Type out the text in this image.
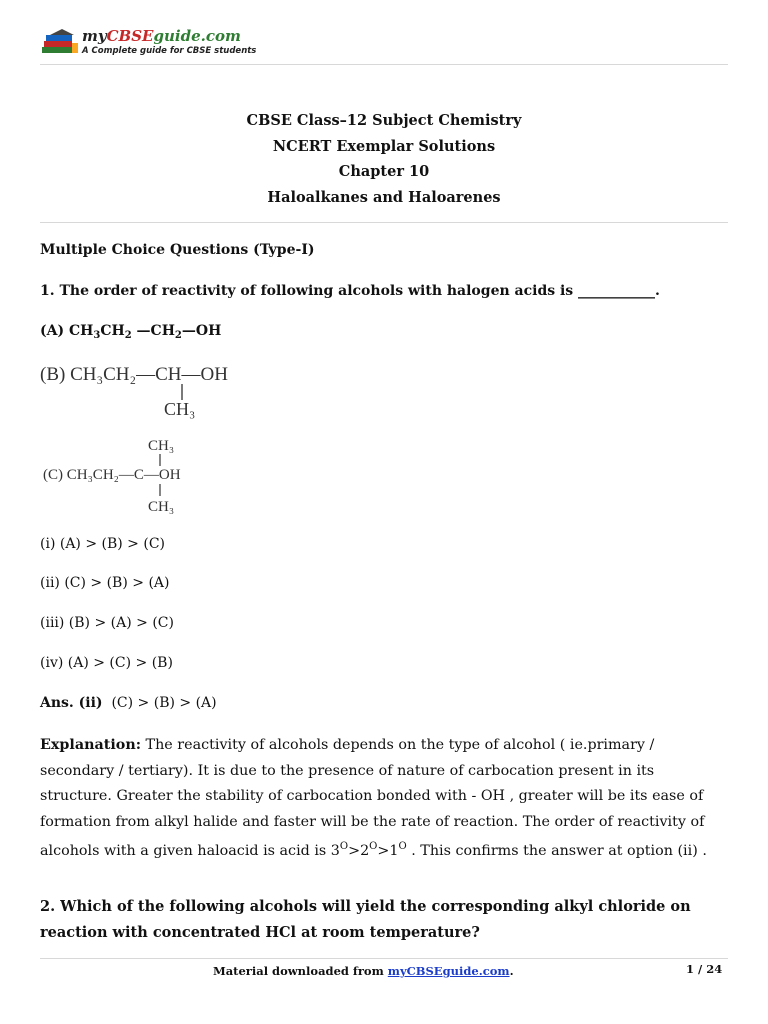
myCBSEguide.com
A Complete guide for CBSE students
CBSE Class–12 Subject Chemistry
NCERT Exemplar Solutions
Chapter 10
Haloalkanes and Haloarenes
Multiple Choice Questions (Type-I)
1. The order of reactivity of following alcohols with halogen acids is ___________.
(A) $CH_3CH_2$ $—CH_2—OH$
(B) CH₃CH₂—CH—OH
CH₃
CH₃
(C) CH₃CH₂—C—OH
CH₃
(i) (A) > (B) > (C)
(ii) (C) > (B) > (A)
(iii) (B) > (A) > (C)
(iv) (A) > (C) > (B)
Ans. (ii) (C) > (B) > (A)
Explanation: The reactivity of alcohols depends on the type of alcohol ( ie.primary /
secondary / tertiary). It is due to the presence of nature of carbocation present in its
structure. Greater the stability of carbocation bonded with - OH , greater will be its ease of
formation from alkyl halide and faster will be the rate of reaction. The order of reactivity of
alcohols with a given haloacid is acid is $3^O>2^O>1^O$ . This confirms the answer at option (ii) .
2. Which of the following alcohols will yield the corresponding alkyl chloride on
reaction with concentrated HCl at room temperature?
Material downloaded from myCBSEguide.com.	1 / 24
